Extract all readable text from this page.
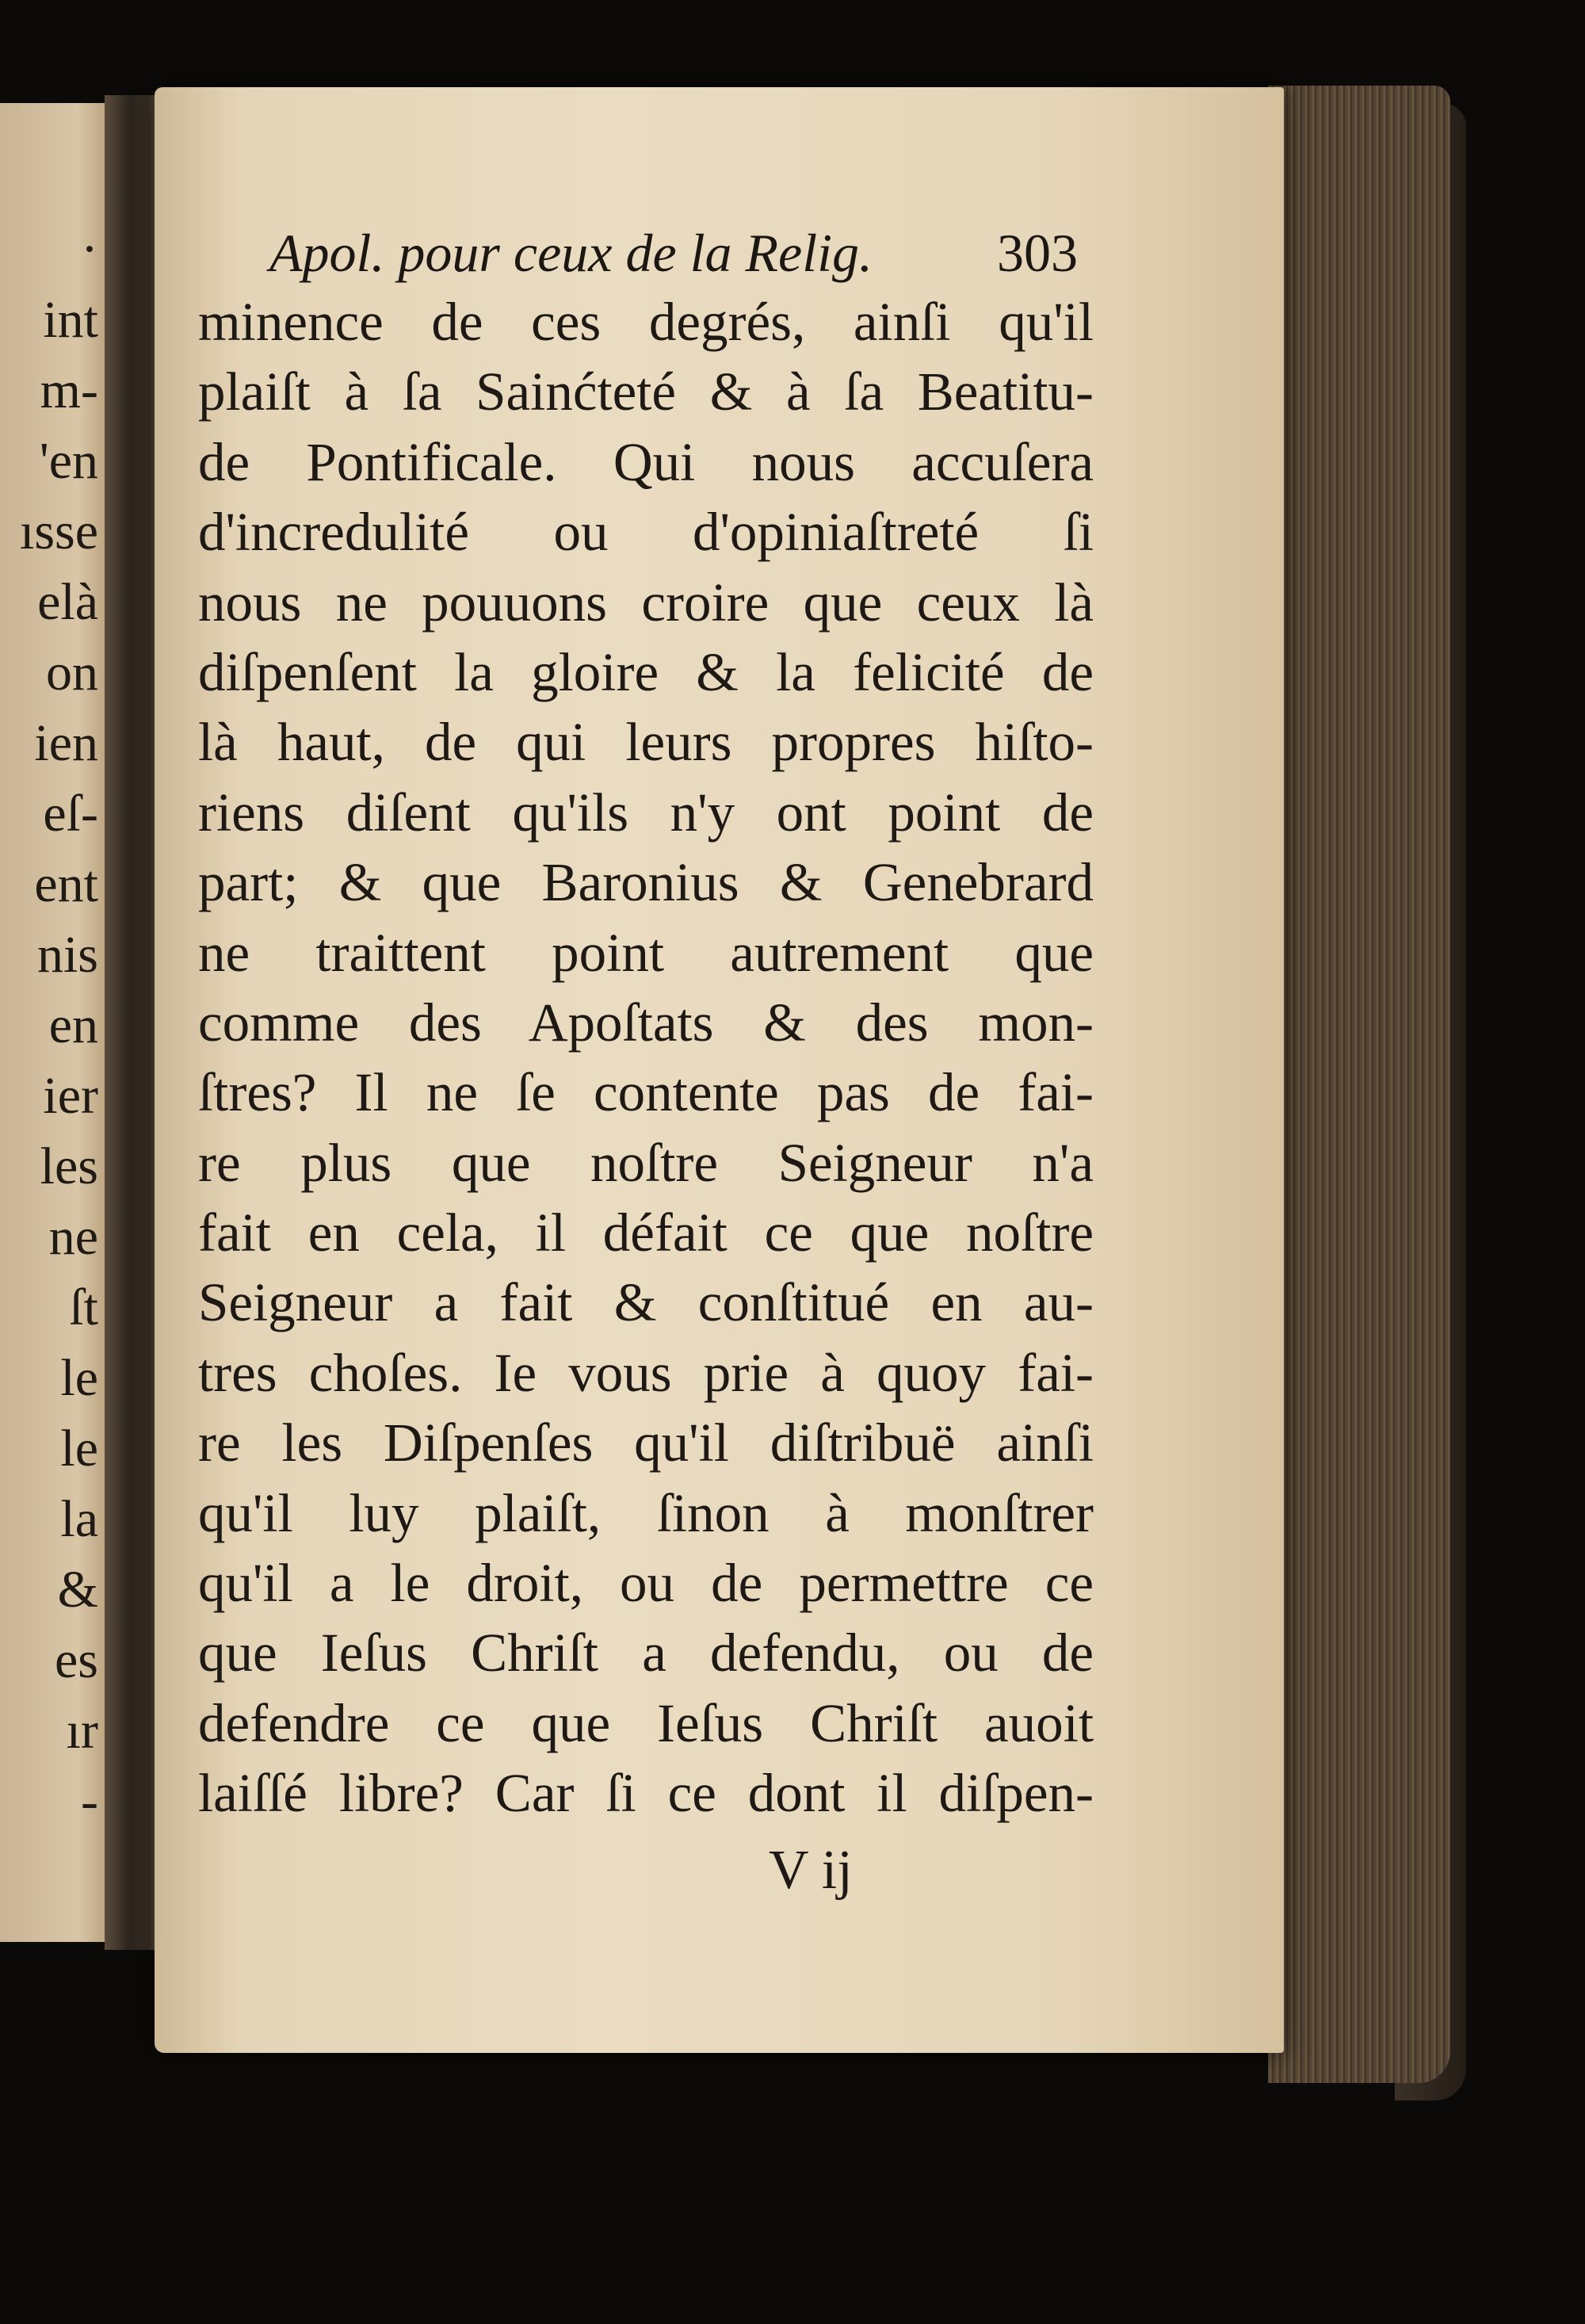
·
int
m-
'en
ısse
elà
on
ien
eſ-
ent
nis
en
ier
les
ne
ſt
le
le
la
&
es
ır
-
Apol. pour ceux de la Relig. 303
minence de ces degrés, ainſi qu'il
plaiſt à ſa Sainćteté & à ſa Beatitu-
de Pontificale. Qui nous accuſera
d'incredulité ou d'opiniaſtreté ſi
nous ne pouuons croire que ceux là
diſpenſent la gloire & la felicité de
là haut, de qui leurs propres hiſto-
riens diſent qu'ils n'y ont point de
part; & que Baronius & Genebrard
ne traittent point autrement que
comme des Apoſtats & des mon-
ſtres? Il ne ſe contente pas de fai-
re plus que noſtre Seigneur n'a
fait en cela, il défait ce que noſtre
Seigneur a fait & conſtitué en au-
tres choſes. Ie vous prie à quoy fai-
re les Diſpenſes qu'il diſtribuë ainſi
qu'il luy plaiſt, ſinon à monſtrer
qu'il a le droit, ou de permettre ce
que Ieſus Chriſt a defendu, ou de
defendre ce que Ieſus Chriſt auoit
laiſſé libre? Car ſi ce dont il diſpen-
V ij
